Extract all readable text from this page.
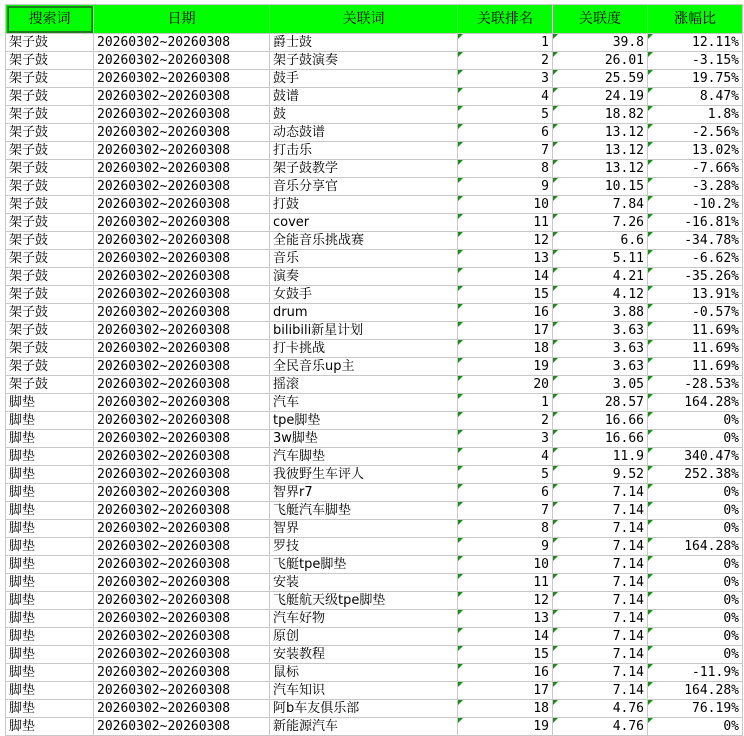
搜索词	日期	关联词	关联排名	关联度	涨幅比
架子鼓	20260302~20260308	爵士鼓	1	39.8	12.11%
架子鼓	20260302~20260308	架子鼓演奏	2	26.01	-3.15%
架子鼓	20260302~20260308	鼓手	3	25.59	19.75%
架子鼓	20260302~20260308	鼓谱	4	24.19	8.47%
架子鼓	20260302~20260308	鼓	5	18.82	1.8%
架子鼓	20260302~20260308	动态鼓谱	6	13.12	-2.56%
架子鼓	20260302~20260308	打击乐	7	13.12	13.02%
架子鼓	20260302~20260308	架子鼓教学	8	13.12	-7.66%
架子鼓	20260302~20260308	音乐分享官	9	10.15	-3.28%
架子鼓	20260302~20260308	打鼓	10	7.84	-10.2%
架子鼓	20260302~20260308	cover	11	7.26	-16.81%
架子鼓	20260302~20260308	全能音乐挑战赛	12	6.6	-34.78%
架子鼓	20260302~20260308	音乐	13	5.11	-6.62%
架子鼓	20260302~20260308	演奏	14	4.21	-35.26%
架子鼓	20260302~20260308	女鼓手	15	4.12	13.91%
架子鼓	20260302~20260308	drum	16	3.88	-0.57%
架子鼓	20260302~20260308	bilibili新星计划	17	3.63	11.69%
架子鼓	20260302~20260308	打卡挑战	18	3.63	11.69%
架子鼓	20260302~20260308	全民音乐up主	19	3.63	11.69%
架子鼓	20260302~20260308	摇滚	20	3.05	-28.53%
脚垫	20260302~20260308	汽车	1	28.57	164.28%
脚垫	20260302~20260308	tpe脚垫	2	16.66	0%
脚垫	20260302~20260308	3w脚垫	3	16.66	0%
脚垫	20260302~20260308	汽车脚垫	4	11.9	340.47%
脚垫	20260302~20260308	我彼野生车评人	5	9.52	252.38%
脚垫	20260302~20260308	智界r7	6	7.14	0%
脚垫	20260302~20260308	飞艇汽车脚垫	7	7.14	0%
脚垫	20260302~20260308	智界	8	7.14	0%
脚垫	20260302~20260308	罗技	9	7.14	164.28%
脚垫	20260302~20260308	飞艇tpe脚垫	10	7.14	0%
脚垫	20260302~20260308	安装	11	7.14	0%
脚垫	20260302~20260308	飞艇航天级tpe脚垫	12	7.14	0%
脚垫	20260302~20260308	汽车好物	13	7.14	0%
脚垫	20260302~20260308	原创	14	7.14	0%
脚垫	20260302~20260308	安装教程	15	7.14	0%
脚垫	20260302~20260308	鼠标	16	7.14	-11.9%
脚垫	20260302~20260308	汽车知识	17	7.14	164.28%
脚垫	20260302~20260308	阿b车友俱乐部	18	4.76	76.19%
脚垫	20260302~20260308	新能源汽车	19	4.76	0%
